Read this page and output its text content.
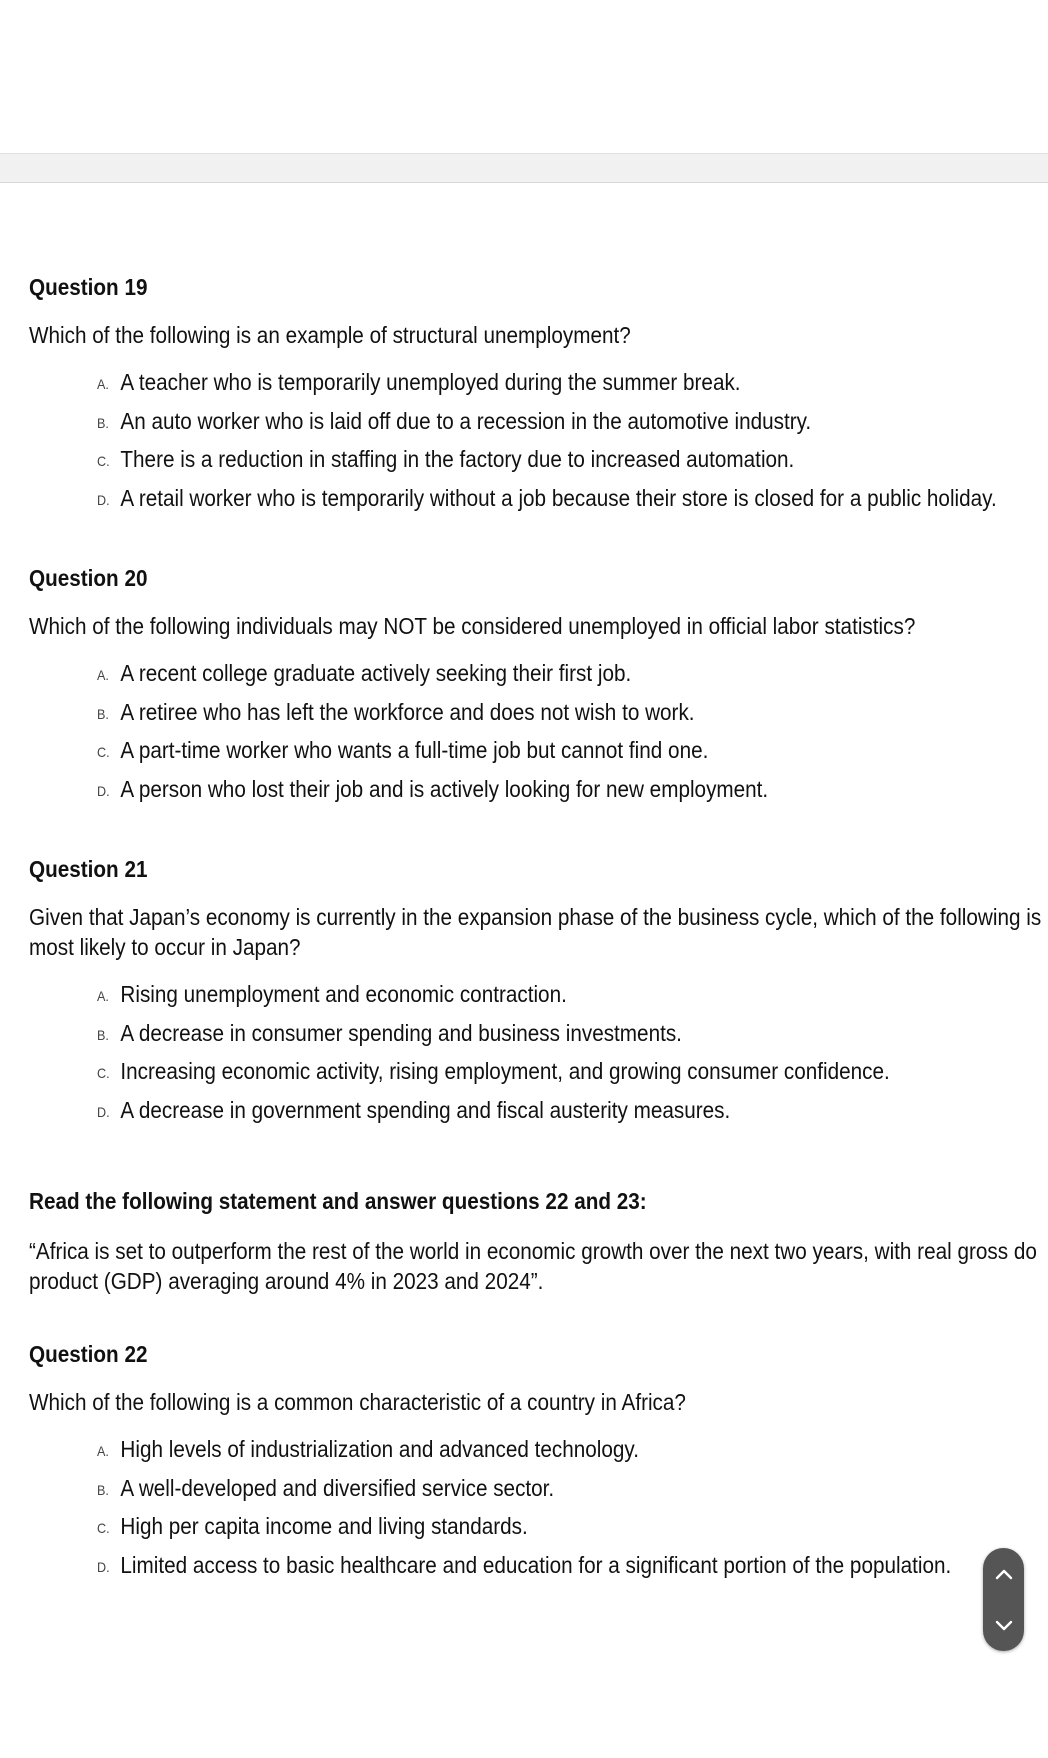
Question 19
Which of the following is an example of structural unemployment?
A. A teacher who is temporarily unemployed during the summer break.
B. An auto worker who is laid off due to a recession in the automotive industry.
C. There is a reduction in staffing in the factory due to increased automation.
D. A retail worker who is temporarily without a job because their store is closed for a public holiday.
Question 20
Which of the following individuals may NOT be considered unemployed in official labor statistics?
A. A recent college graduate actively seeking their first job.
B. A retiree who has left the workforce and does not wish to work.
C. A part-time worker who wants a full-time job but cannot find one.
D. A person who lost their job and is actively looking for new employment.
Question 21
Given that Japan’s economy is currently in the expansion phase of the business cycle, which of the following is most likely to occur in Japan?
A. Rising unemployment and economic contraction.
B. A decrease in consumer spending and business investments.
C. Increasing economic activity, rising employment, and growing consumer confidence.
D. A decrease in government spending and fiscal austerity measures.
Read the following statement and answer questions 22 and 23:
“Africa is set to outperform the rest of the world in economic growth over the next two years, with real gross do
product (GDP) averaging around 4% in 2023 and 2024”.
Question 22
Which of the following is a common characteristic of a country in Africa?
A. High levels of industrialization and advanced technology.
B. A well-developed and diversified service sector.
C. High per capita income and living standards.
D. Limited access to basic healthcare and education for a significant portion of the population.
